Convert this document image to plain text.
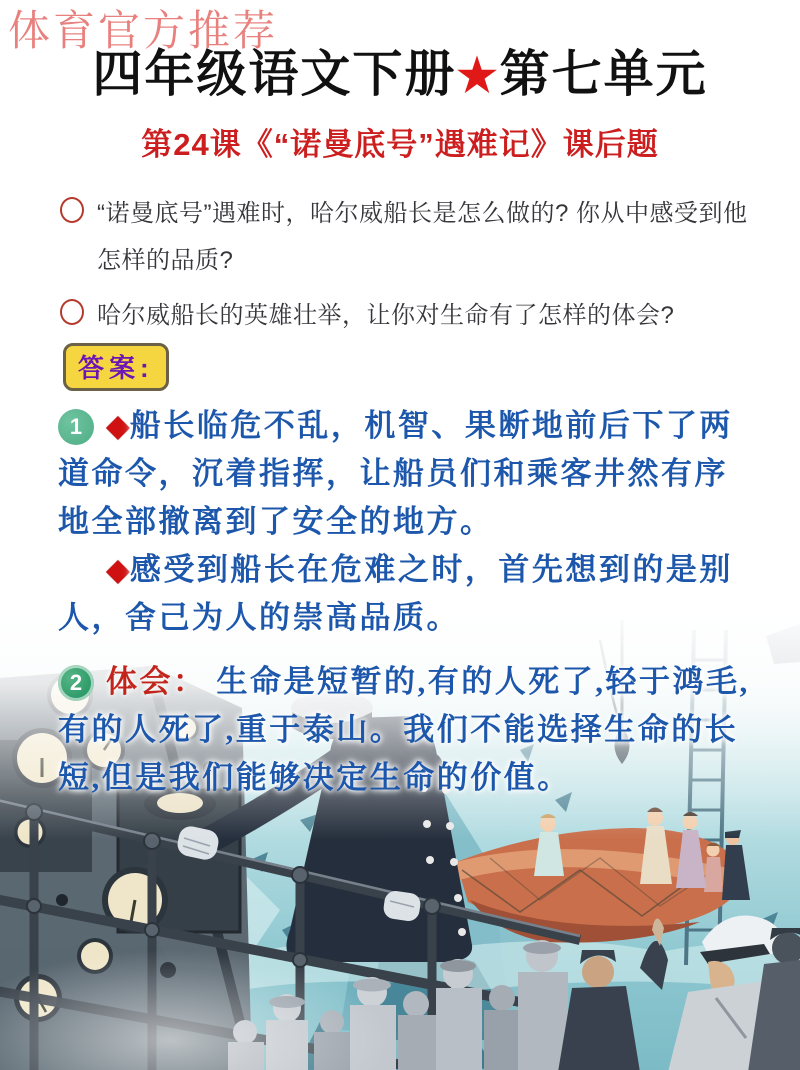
体育官方推荐
四年级语文下册★第七单元
第24课《“诺曼底号”遇难记》课后题
“诺曼底号”遇难时，哈尔威船长是怎么做的? 你从中感受到他怎样的品质?
哈尔威船长的英雄壮举，让你对生命有了怎样的体会?
答案:
1 ◆船长临危不乱，机智、果断地前后下了两道命令，沉着指挥，让船员们和乘客井然有序地全部撤离到了安全的地方。

◆感受到船长在危难之时，首先想到的是别人，舍己为人的崇高品质。

2 体会： 生命是短暂的,有的人死了,轻于鸿毛,有的人死了,重于泰山。我们不能选择生命的长短,但是我们能够决定生命的价值。
